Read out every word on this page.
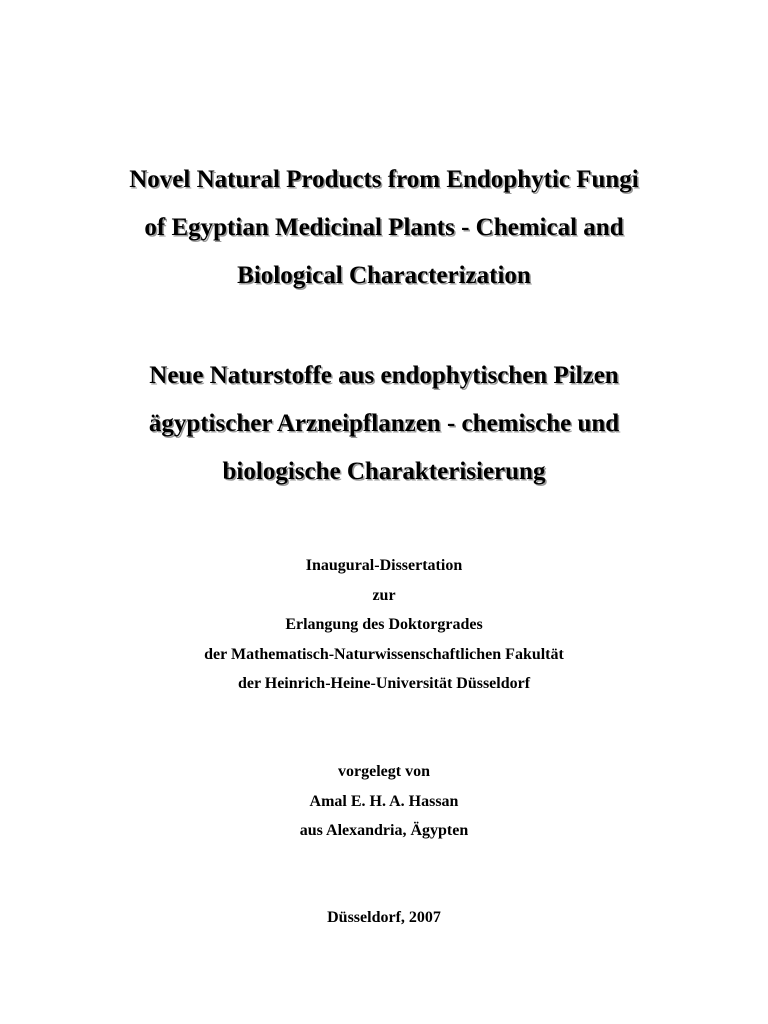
Novel Natural Products from Endophytic Fungi
of Egyptian Medicinal Plants - Chemical and
Biological Characterization
Neue Naturstoffe aus endophytischen Pilzen
ägyptischer Arzneipflanzen - chemische und
biologische Charakterisierung
Inaugural-Dissertation
zur
Erlangung des Doktorgrades
der Mathematisch-Naturwissenschaftlichen Fakultät
der Heinrich-Heine-Universität Düsseldorf
vorgelegt von
Amal E. H. A. Hassan
aus Alexandria, Ägypten
Düsseldorf, 2007
